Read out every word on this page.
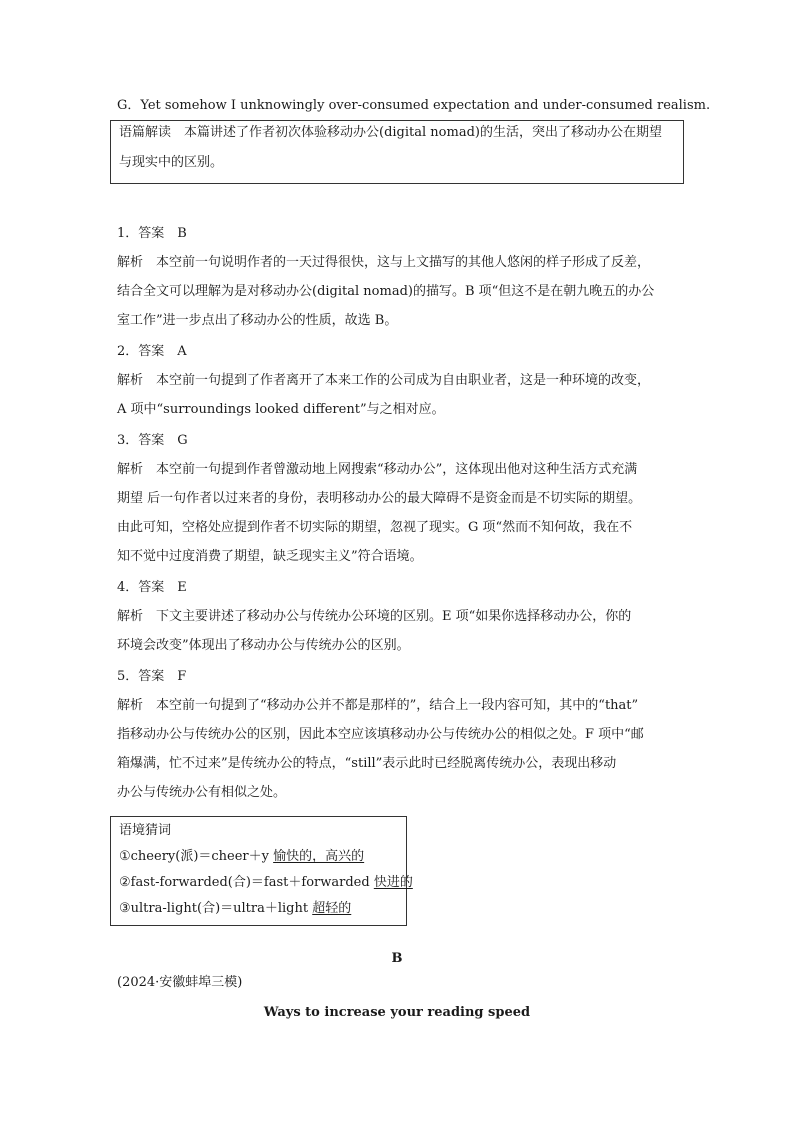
G．Yet somehow I unknowingly over-consumed expectation and under-consumed realism.
语篇解读　本篇讲述了作者初次体验移动办公(digital nomad)的生活，突出了移动办公在期望
与现实中的区别。
1．答案　B
解析　本空前一句说明作者的一天过得很快，这与上文描写的其他人悠闲的样子形成了反差，
结合全文可以理解为是对移动办公(digital nomad)的描写。B 项“但这不是在朝九晚五的办公
室工作”进一步点出了移动办公的性质，故选 B。
2．答案　A
解析　本空前一句提到了作者离开了本来工作的公司成为自由职业者，这是一种环境的改变，
A 项中“surroundings looked different”与之相对应。
3．答案　G
解析　本空前一句提到作者曾激动地上网搜索“移动办公”，这体现出他对这种生活方式充满
期望 后一句作者以过来者的身份，表明移动办公的最大障碍不是资金而是不切实际的期望。
由此可知，空格处应提到作者不切实际的期望，忽视了现实。G 项“然而不知何故，我在不
知不觉中过度消费了期望，缺乏现实主义”符合语境。
4．答案　E
解析　下文主要讲述了移动办公与传统办公环境的区别。E 项“如果你选择移动办公，你的
环境会改变”体现出了移动办公与传统办公的区别。
5．答案　F
解析　本空前一句提到了“移动办公并不都是那样的”，结合上一段内容可知，其中的“that”
指移动办公与传统办公的区别，因此本空应该填移动办公与传统办公的相似之处。F 项中“邮
箱爆满，忙不过来”是传统办公的特点，“still”表示此时已经脱离传统办公，表现出移动
办公与传统办公有相似之处。
语境猜词
①cheery(派)＝cheer＋y 愉快的，高兴的
②fast-forwarded(合)＝fast＋forwarded 快进的
③ultra-light(合)＝ultra＋light 超轻的
B
(2024·安徽蚌埠三模)
Ways to increase your reading speed
